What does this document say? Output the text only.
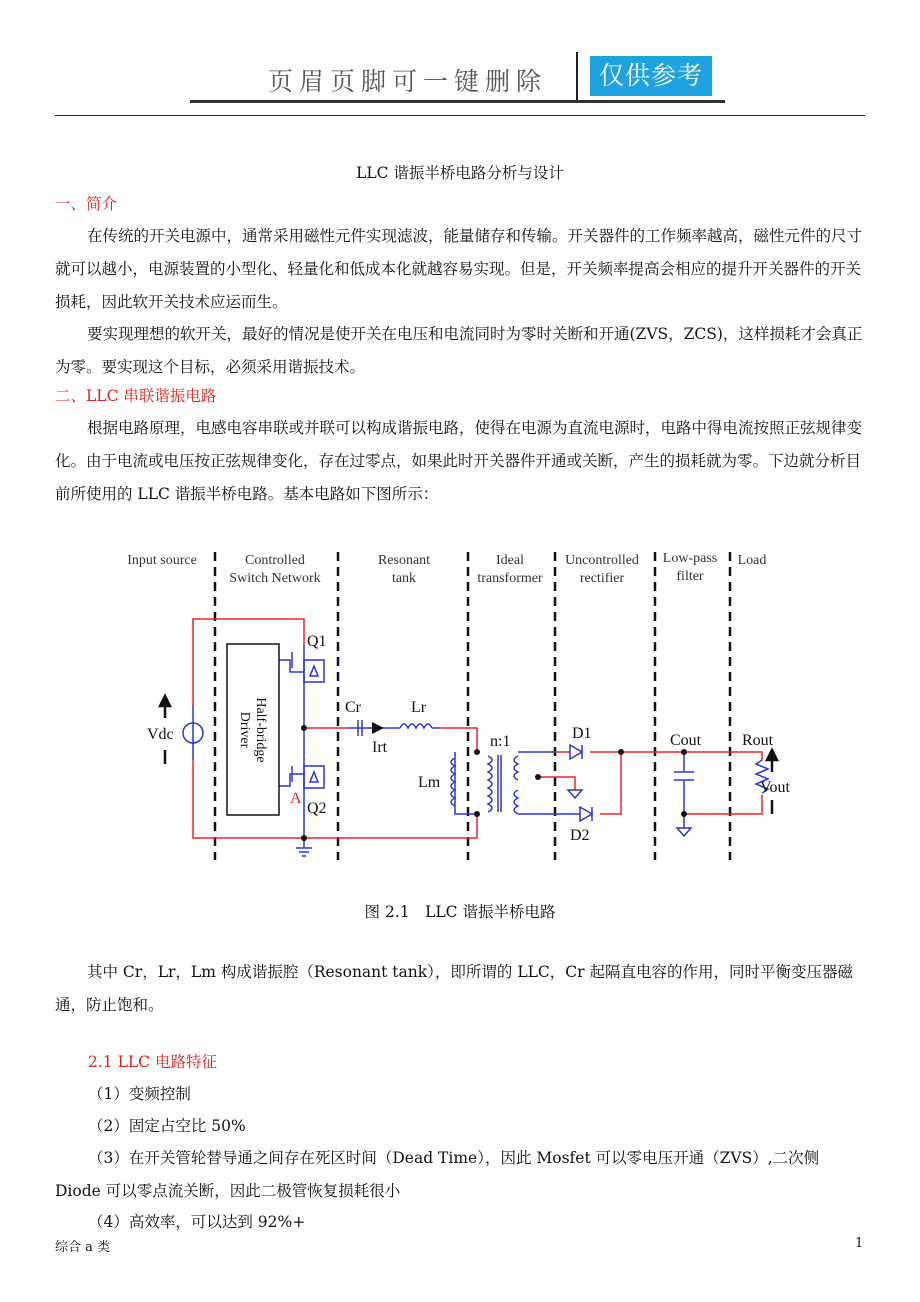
页眉页脚可一键删除	仅供参考
LLC 谐振半桥电路分析与设计
一、简介
在传统的开关电源中，通常采用磁性元件实现滤波，能量储存和传输。开关器件的工作频率越高，磁性元件的尺寸就可以越小，电源装置的小型化、轻量化和低成本化就越容易实现。但是，开关频率提高会相应的提升开关器件的开关损耗，因此软开关技术应运而生。
要实现理想的软开关，最好的情况是使开关在电压和电流同时为零时关断和开通(ZVS，ZCS)，这样损耗才会真正为零。要实现这个目标，必须采用谐振技术。
二、LLC 串联谐振电路
根据电路原理，电感电容串联或并联可以构成谐振电路，使得在电源为直流电源时，电路中得电流按照正弦规律变化。由于电流或电压按正弦规律变化，存在过零点，如果此时开关器件开通或关断，产生的损耗就为零。下边就分析目前所使用的 LLC 谐振半桥电路。基本电路如下图所示：
Input source	Controlled
Switch Network
Resonant
tank
Ideal
transformer
Uncontrolled
rectifier
Low-pass
filter
Load
Half-bridge
Driver
Q1
Q2
A
Vdc
Cr	Lr
Irt
Lm
n:1	D1
D2
Cout	Rout
Vout
图 2.1　LLC 谐振半桥电路
其中 Cr，Lr，Lm 构成谐振腔（Resonant tank），即所谓的 LLC，Cr 起隔直电容的作用，同时平衡变压器磁通，防止饱和。
2.1 LLC 电路特征
（1）变频控制
（2）固定占空比 50%
（3）在开关管轮替导通之间存在死区时间（Dead Time），因此 Mosfet 可以零电压开通（ZVS）,二次侧 Diode 可以零点流关断，因此二极管恢复损耗很小
（4）高效率，可以达到 92%+
综合 a 类	1
